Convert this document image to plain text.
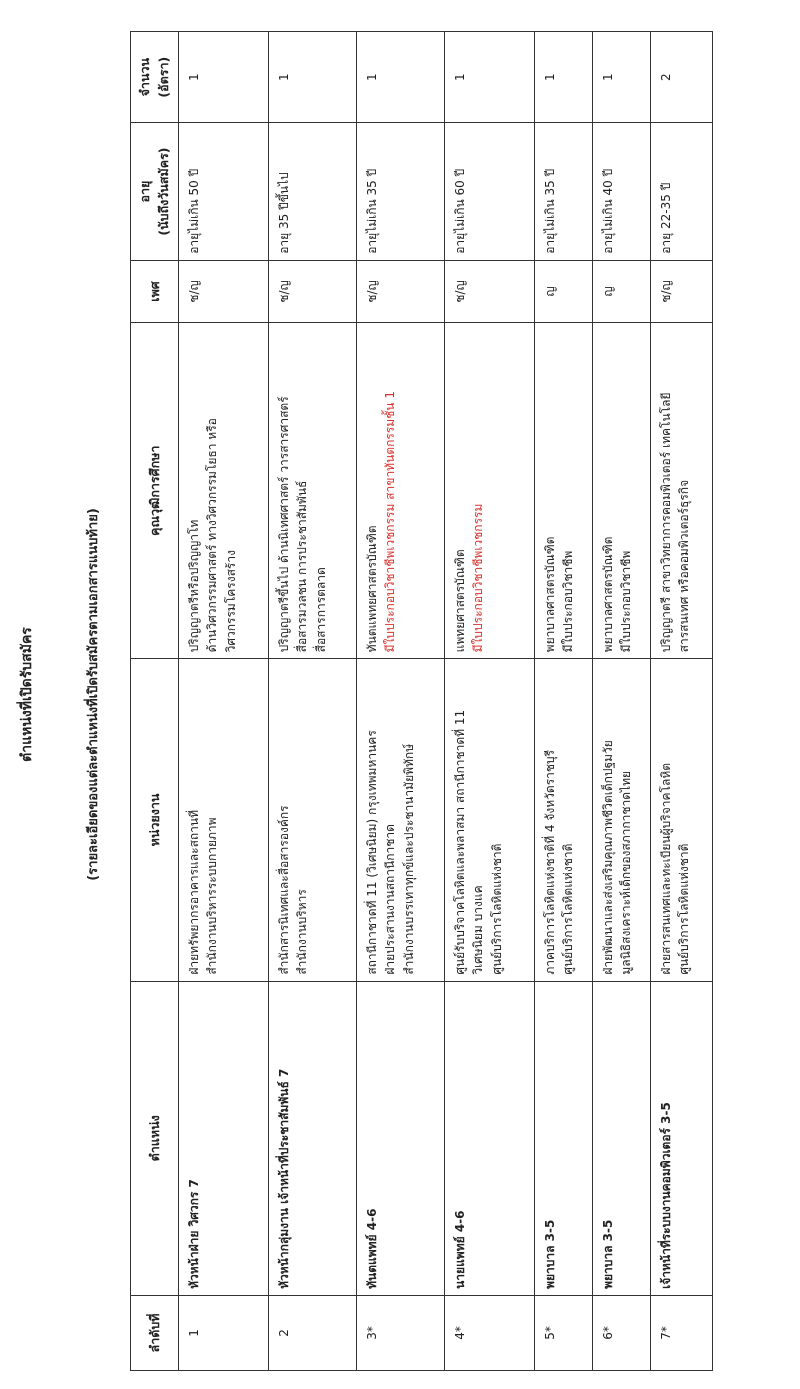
ตำแหน่งที่เปิดรับสมัคร	(รายละเอียดของแต่ละตำแหน่งที่เปิดรับสมัครตามเอกสารแนบท้าย)
ลำดับที่	ตำแหน่ง	หน่วยงาน	คุณวุฒิการศึกษา	เพศ	อายุ (นับถึงวันสมัคร)	จำนวน (อัตรา)

1	หัวหน้าฝ่าย วิศวกร 7	ฝ่ายทรัพยากรอาคารและสถานที่ สำนักงานบริหารระบบกายภาพ	ปริญญาตรีหรือปริญญาโท ด้านวิศวกรรมศาสตร์ ทางวิศวกรรมโยธา หรือ วิศวกรรมโครงสร้าง	ช/ญ	อายุไม่เกิน 50 ปี	1
2	หัวหน้ากลุ่มงาน เจ้าหน้าที่ประชาสัมพันธ์ 7	สำนักสารนิเทศและสื่อสารองค์กร สำนักงานบริหาร	ปริญญาตรีขึ้นไป ด้านนิเทศศาสตร์ วารสารศาสตร์ สื่อสารมวลชน การประชาสัมพันธ์ สื่อสารการตลาด	ช/ญ	อายุ 35 ปีขึ้นไป	1
3*	ทันตแพทย์ 4-6	สถานีกาชาดที่ 11 (วิเศษนิยม) กรุงเทพมหานคร ฝ่ายประสานงานสถานีกาชาด สำนักงานบรรเทาทุกข์และประชานามัยพิทักษ์	ทันตแพทยศาสตรบัณฑิต มีใบประกอบวิชาชีพเวชกรรม สาขาทันตกรรมชั้น 1	ช/ญ	อายุไม่เกิน 35 ปี	1
4*	นายแพทย์ 4-6	ศูนย์รับบริจาคโลหิตและพลาสมา สถานีกาชาดที่ 11 วิเศษนิยม บางแค ศูนย์บริการโลหิตแห่งชาติ	แพทยศาสตรบัณฑิต มีใบประกอบวิชาชีพเวชกรรม	ช/ญ	อายุไม่เกิน 60 ปี	1
5*	พยาบาล 3-5	ภาคบริการโลหิตแห่งชาติที่ 4 จังหวัดราชบุรี ศูนย์บริการโลหิตแห่งชาติ	พยาบาลศาสตรบัณฑิต มีใบประกอบวิชาชีพ	ญ	อายุไม่เกิน 35 ปี	1
6*	พยาบาล 3-5	ฝ่ายพัฒนาและส่งเสริมคุณภาพชีวิตเด็กปฐมวัย มูลนิธิสงเคราะห์เด็กของสภากาชาดไทย	พยาบาลศาสตรบัณฑิต มีใบประกอบวิชาชีพ	ญ	อายุไม่เกิน 40 ปี	1
7*	เจ้าหน้าที่ระบบงานคอมพิวเตอร์ 3-5	ฝ่ายสารสนเทศและทะเบียนผู้บริจาคโลหิต ศูนย์บริการโลหิตแห่งชาติ	ปริญญาตรี สาขาวิทยาการคอมพิวเตอร์ เทคโนโลยี สารสนเทศ หรือคอมพิวเตอร์ธุรกิจ	ช/ญ	อายุ 22-35 ปี	2
